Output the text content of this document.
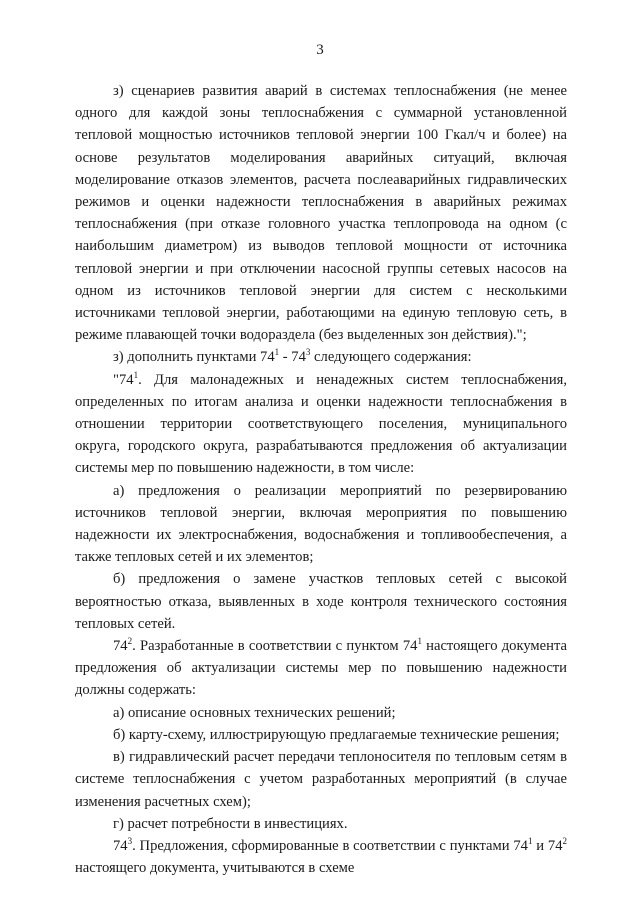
3

з) сценариев развития аварий в системах теплоснабжения (не менее одного для каждой зоны теплоснабжения с суммарной установленной тепловой мощностью источников тепловой энергии 100 Гкал/ч и более) на основе результатов моделирования аварийных ситуаций, включая моделирование отказов элементов, расчета послеаварийных гидравлических режимов и оценки надежности теплоснабжения в аварийных режимах теплоснабжения (при отказе головного участка теплопровода на одном (с наибольшим диаметром) из выводов тепловой мощности от источника тепловой энергии и при отключении насосной группы сетевых насосов на одном из источников тепловой энергии для систем с несколькими источниками тепловой энергии, работающими на единую тепловую сеть, в режиме плавающей точки водораздела (без выделенных зон действия).";

з) дополнить пунктами $74^1 - 74^3$ следующего содержания:

"$74^1$. Для малонадежных и ненадежных систем теплоснабжения, определенных по итогам анализа и оценки надежности теплоснабжения в отношении территории соответствующего поселения, муниципального округа, городского округа, разрабатываются предложения об актуализации системы мер по повышению надежности, в том числе:

а) предложения о реализации мероприятий по резервированию источников тепловой энергии, включая мероприятия по повышению надежности их электроснабжения, водоснабжения и топливообеспечения, а также тепловых сетей и их элементов;

б) предложения о замене участков тепловых сетей с высокой вероятностью отказа, выявленных в ходе контроля технического состояния тепловых сетей.

$74^2$. Разработанные в соответствии с пунктом $74^1$ настоящего документа предложения об актуализации системы мер по повышению надежности должны содержать:

а) описание основных технических решений;

б) карту-схему, иллюстрирующую предлагаемые технические решения;

в) гидравлический расчет передачи теплоносителя по тепловым сетям в системе теплоснабжения с учетом разработанных мероприятий (в случае изменения расчетных схем);

г) расчет потребности в инвестициях.

$74^3$. Предложения, сформированные в соответствии с пунктами $74^1$ и $74^2$ настоящего документа, учитываются в схеме
